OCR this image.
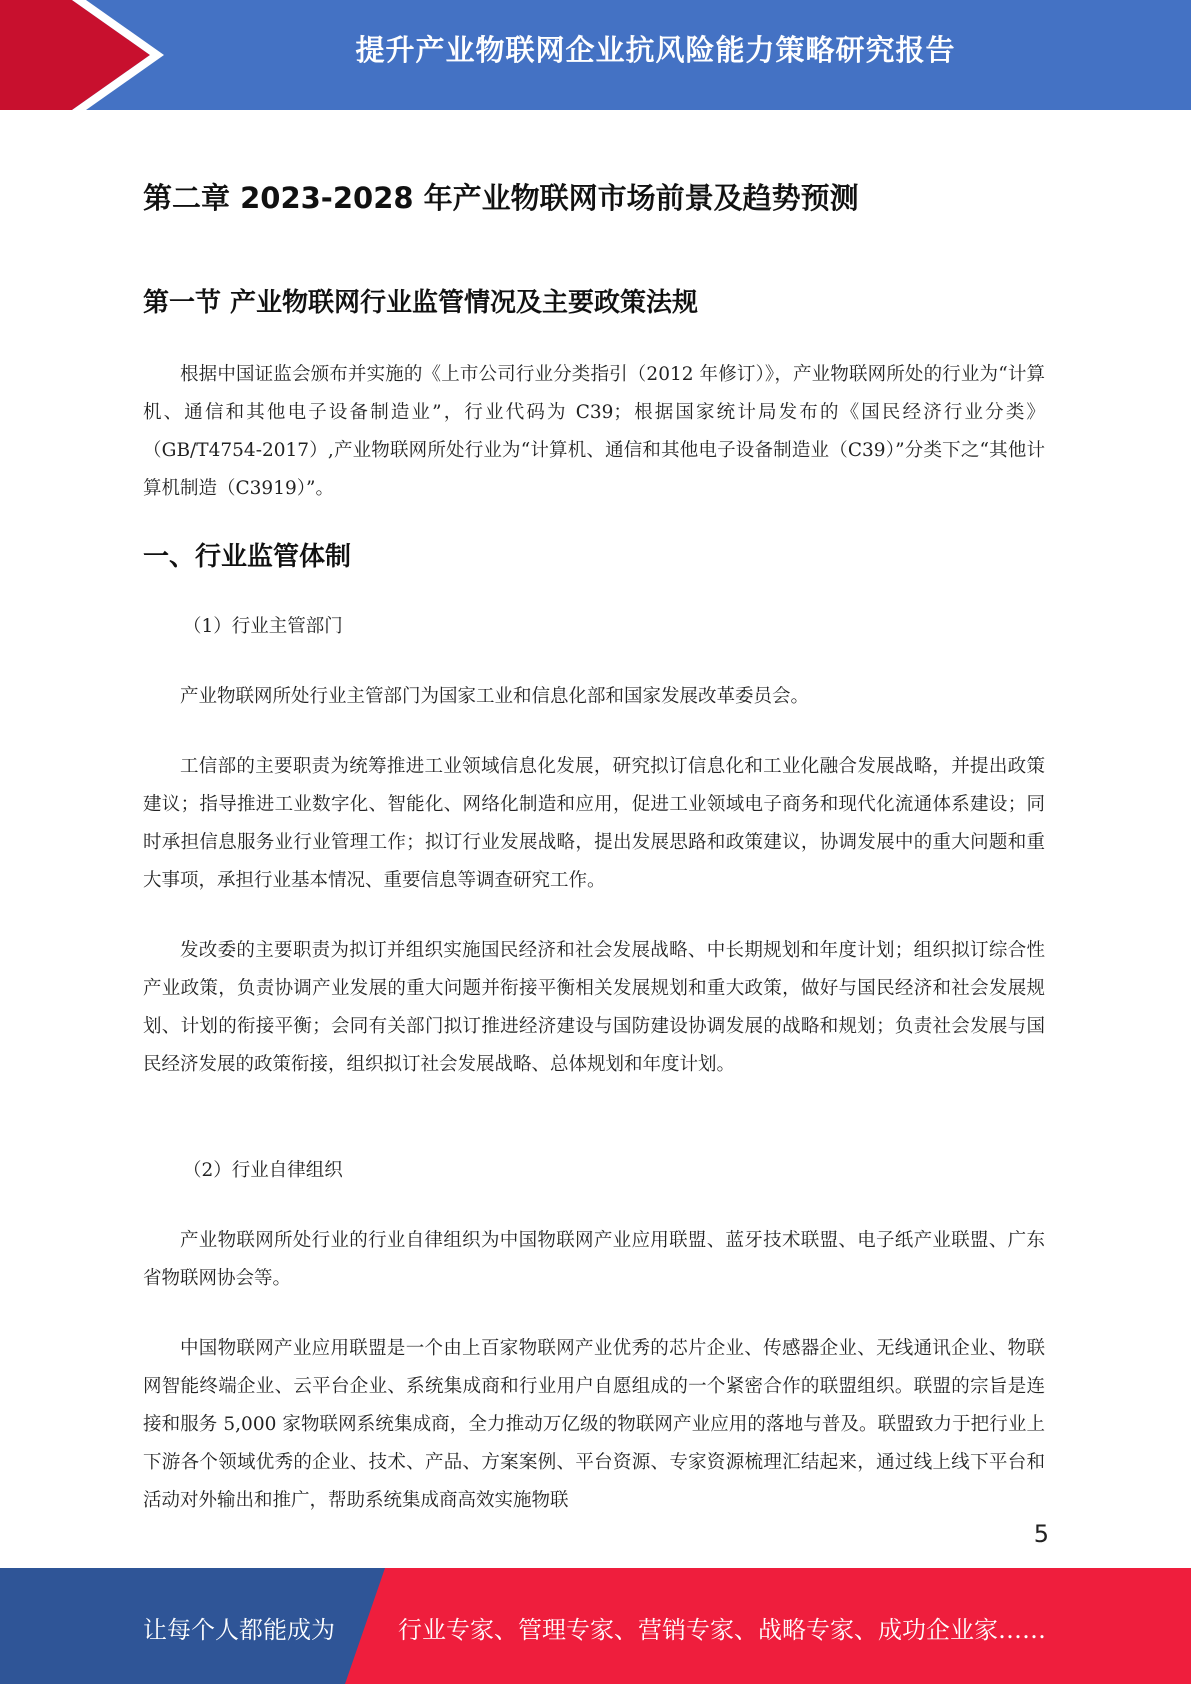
提升产业物联网企业抗风险能力策略研究报告
第二章 2023-2028 年产业物联网市场前景及趋势预测
第一节 产业物联网行业监管情况及主要政策法规

根据中国证监会颁布并实施的《上市公司行业分类指引（2012 年修订）》，产业物联网所处的行业为“计算机、通信和其他电子设备制造业”，行业代码为 C39；根据国家统计局发布的《国民经济行业分类》（GB/T4754-2017）,产业物联网所处行业为“计算机、通信和其他电子设备制造业（C39）”分类下之“其他计算机制造（C3919）”。

一、行业监管体制

（1）行业主管部门

产业物联网所处行业主管部门为国家工业和信息化部和国家发展改革委员会。

工信部的主要职责为统筹推进工业领域信息化发展，研究拟订信息化和工业化融合发展战略，并提出政策建议；指导推进工业数字化、智能化、网络化制造和应用，促进工业领域电子商务和现代化流通体系建设；同时承担信息服务业行业管理工作；拟订行业发展战略，提出发展思路和政策建议，协调发展中的重大问题和重大事项，承担行业基本情况、重要信息等调查研究工作。

发改委的主要职责为拟订并组织实施国民经济和社会发展战略、中长期规划和年度计划；组织拟订综合性产业政策，负责协调产业发展的重大问题并衔接平衡相关发展规划和重大政策，做好与国民经济和社会发展规划、计划的衔接平衡；会同有关部门拟订推进经济建设与国防建设协调发展的战略和规划；负责社会发展与国民经济发展的政策衔接，组织拟订社会发展战略、总体规划和年度计划。

（2）行业自律组织

产业物联网所处行业的行业自律组织为中国物联网产业应用联盟、蓝牙技术联盟、电子纸产业联盟、广东省物联网协会等。

中国物联网产业应用联盟是一个由上百家物联网产业优秀的芯片企业、传感器企业、无线通讯企业、物联网智能终端企业、云平台企业、系统集成商和行业用户自愿组成的一个紧密合作的联盟组织。联盟的宗旨是连接和服务 5,000 家物联网系统集成商，全力推动万亿级的物联网产业应用的落地与普及。联盟致力于把行业上下游各个领域优秀的企业、技术、产品、方案案例、平台资源、专家资源梳理汇结起来，通过线上线下平台和活动对外输出和推广，帮助系统集成商高效实施物联

5
让每个人都能成为	行业专家、管理专家、营销专家、战略专家、成功企业家……
